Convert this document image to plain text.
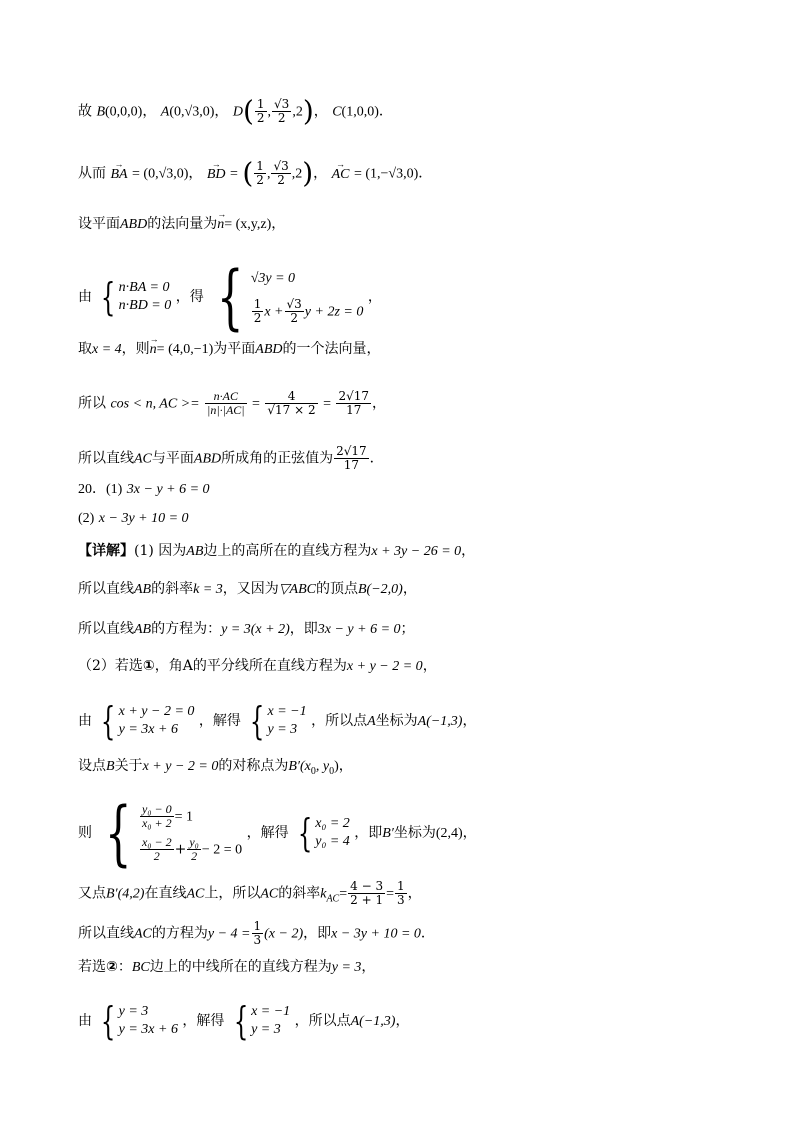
故 B(0,0,0)， A(0,√3,0)， $D( \frac{1}{2}$ , $\frac{√3}{2} ,2$)， C(1,0,0)．
从而 → BA = (0,√3,0)， → BD = ( $\frac{1}{2}$ , $\frac{√3}{2} ,2$)， → AC = (1,−√3,0)．
设平面ABD的法向量为→ n= (x,y,z)，
由 { n·BA = 0
n·BD = 0
，得 { √3y = 0
$\frac{1}{2}$ $x + \frac{√3}{2}$ y + 2z = 0
，
取x = 4，则→ n= (4,0,−1)为平面ABD的一个法向量，
所以 cos < n, AC >= $\frac{n\cdot AC}{|n|\cdot|AC|} = \frac{4}{√17 \times 2} = \frac{2√17}{17}$ ，
所以直线AC与平面ABD所成角的正弦值为 $\frac{2√17}{17}$ ．
20．(1) 3x − y + 6 = 0
(2) x − 3y + 10 = 0
【详解】(1) 因为AB边上的高所在的直线方程为x + 3y − 26 = 0，
所以直线AB的斜率k = 3，又因为▽ABC的顶点B(−2,0)，
所以直线AB的方程为：y = 3(x + 2)，即3x − y + 6 = 0；
（2）若选①，角A的平分线所在直线方程为x + y − 2 = 0，
由 { x + y − 2 = 0
y = 3x + 6
，解得 { x = −1
y = 3
，所以点A坐标为A(−1,3)，
设点B关于x + y − 2 = 0的对称点为$B'(x_0$, $y_0$)，
则 { $\frac{\text{y₀ − 0}}{\text{x₀ + 2}} = 1$
$\frac{\text{x₀ − 2}}{2} + \frac{\text{y₀}}{2} - 2 = 0$
，解得 { x₀ = 2
y₀ = 4
，即B′坐标为(2,4)，
又点B′(4,2)在直线AC上，所以AC的斜率$k_{AC}= \frac{4 - 3}{2 + 1} = \frac{1}{3}$ ，
所以直线AC的方程为$y - 4 = \frac{1}{3} (x - 2)$，即x − 3y + 10 = 0．
若选②：BC边上的中线所在的直线方程为y = 3，
由 { y = 3
y = 3x + 6
，解得 { x = −1
y = 3
，所以点A(−1,3)，
